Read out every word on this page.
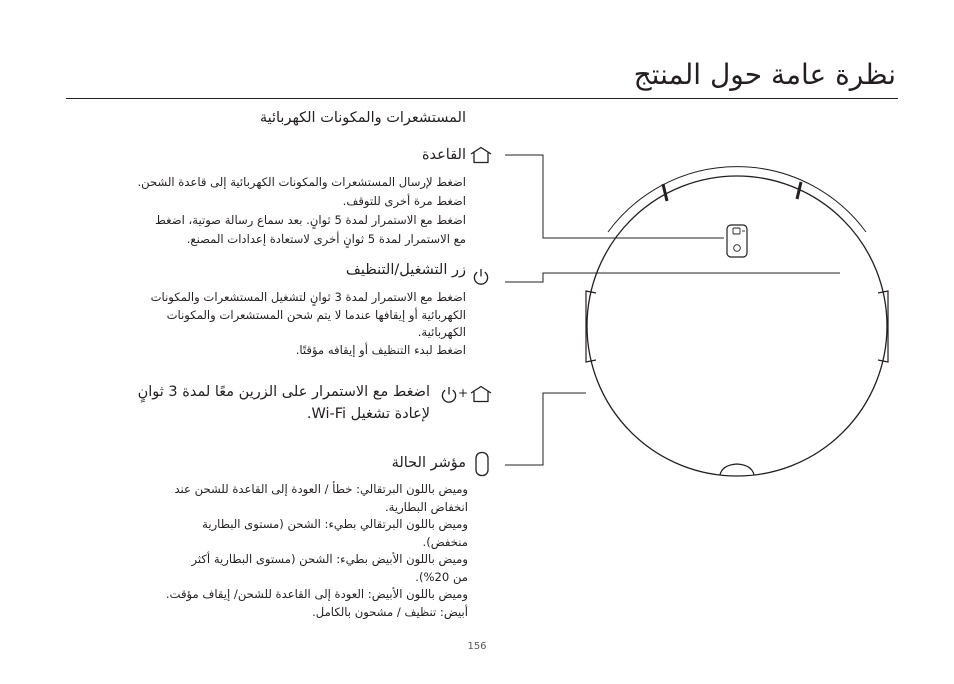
نظرة عامة حول المنتج
المستشعرات والمكونات الكهربائية
القاعدة
اضغط لإرسال المستشعرات والمكونات الكهربائية إلى قاعدة الشحن.
اضغط مرة أخرى للتوقف.
اضغط مع الاستمرار لمدة 5 ثوانٍ. بعد سماع رسالة صوتية، اضغط
مع الاستمرار لمدة 5 ثوانٍ أخرى لاستعادة إعدادات المصنع.
زر التشغيل/التنظيف
اضغط مع الاستمرار لمدة 3 ثوانٍ لتشغيل المستشعرات والمكونات
الكهربائية أو إيقافها عندما لا يتم شحن المستشعرات والمكونات
الكهربائية.
اضغط لبدء التنظيف أو إيقافه مؤقتًا.
+
اضغط مع الاستمرار على الزرين معًا لمدة 3 ثوانٍ
لإعادة تشغيل Wi-Fi.
مؤشر الحالة
وميض باللون البرتقالي: خطأ / العودة إلى القاعدة للشحن عند
انخفاض البطارية.
وميض باللون البرتقالي بطيء: الشحن (مستوى البطارية
منخفض).
وميض باللون الأبيض بطيء: الشحن (مستوى البطارية أكثر
من 20%).
وميض باللون الأبيض: العودة إلى القاعدة للشحن/ إيقاف مؤقت.
أبيض: تنظيف / مشحون بالكامل.
156
